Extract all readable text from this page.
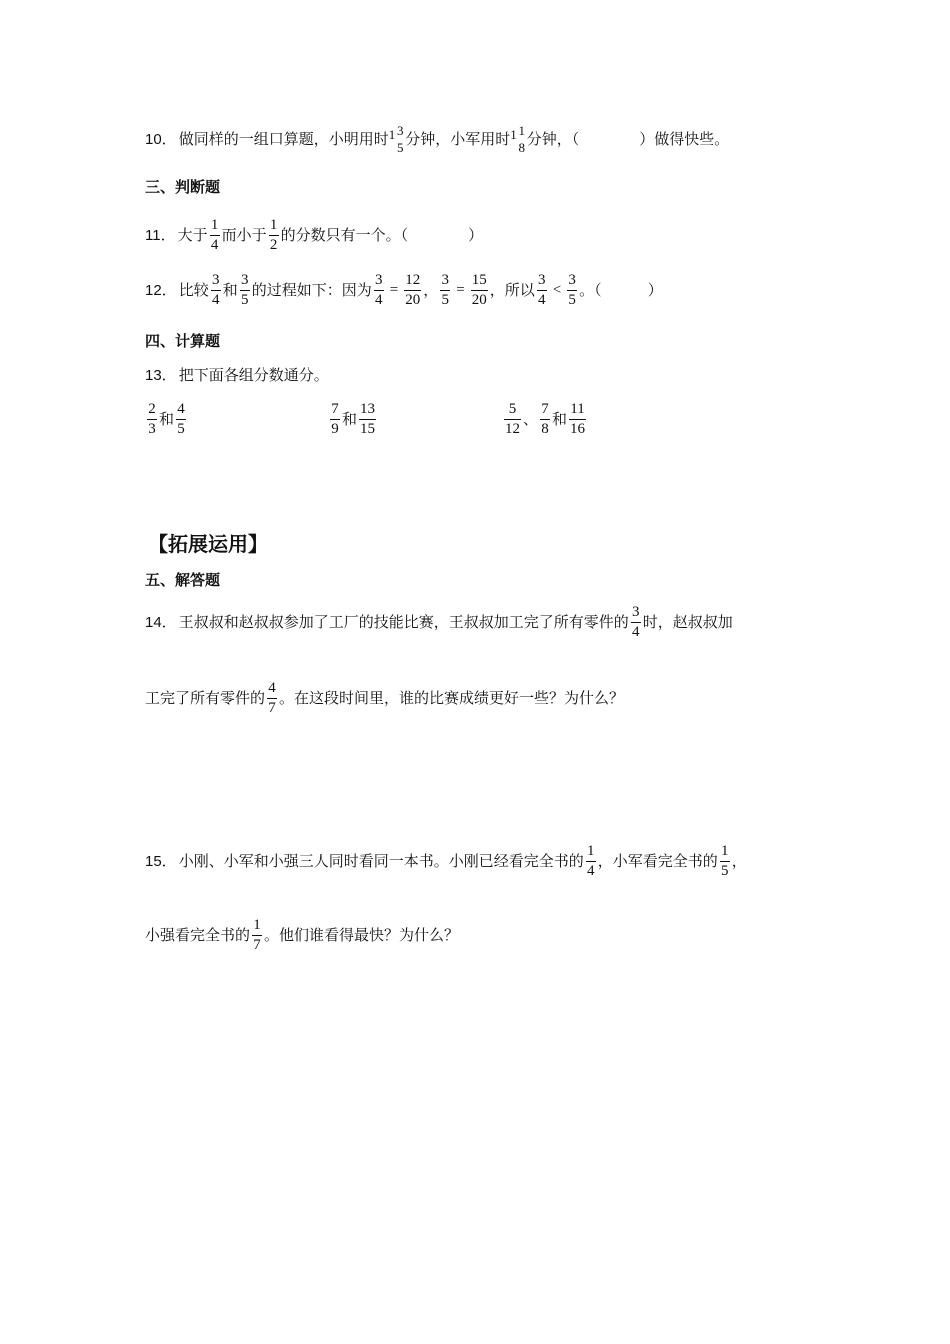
10． 做同样的一组口算题，小明用时 1 3
5 分钟，小军用时 1 1
8 分钟，（	）做得快些。
三、判断题
11． 大于 $\frac{1}{4}$ 而小于 $\frac{1}{2}$ 的分数只有一个。（	）
12． 比较 $\frac{3}{4}$ 和 $\frac{3}{5}$ 的过程如下：因为 $\frac{3}{4} = \frac{12}{20}$ ， $\frac{3}{5} = \frac{15}{20}$ ，所以 $\frac{3}{4} < \frac{3}{5}$ 。（	）
四、计算题
13． 把下面各组分数通分。
$\frac{2}{3}$ 和 $\frac{4}{5}$	$\frac{7}{9}$ 和 $\frac{13}{15}$	$\frac{5}{12}$ 、 $\frac{7}{8}$ 和 $\frac{11}{16}$
【拓展运用】
五、解答题
14． 王叔叔和赵叔叔参加了工厂的技能比赛，王叔叔加工完了所有零件的 $\frac{3}{4}$ 时，赵叔叔加
工完了所有零件的 $\frac{4}{7}$ 。在这段时间里，谁的比赛成绩更好一些？为什么？
15． 小刚、小军和小强三人同时看同一本书。小刚已经看完全书的 $\frac{1}{4}$ ，小军看完全书的 $\frac{1}{5}$ ，
小强看完全书的 $\frac{1}{7}$ 。他们谁看得最快？为什么？
